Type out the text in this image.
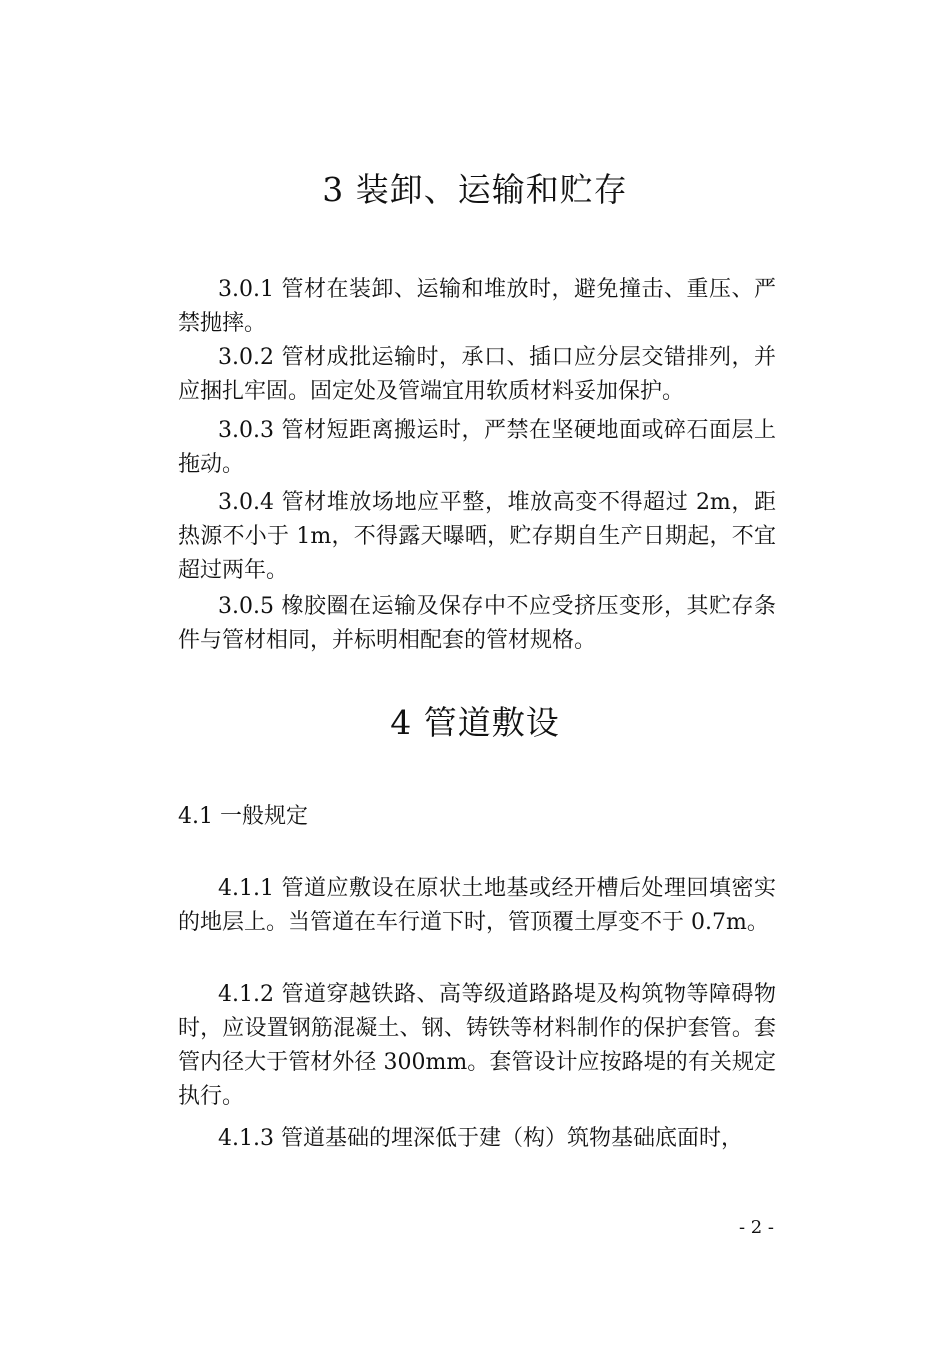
3 装卸、运输和贮存

3.0.1 管材在装卸、运输和堆放时，避免撞击、重压、严禁抛摔。

3.0.2 管材成批运输时，承口、插口应分层交错排列，并应捆扎牢固。固定处及管端宜用软质材料妥加保护。

3.0.3 管材短距离搬运时，严禁在坚硬地面或碎石面层上拖动。

3.0.4 管材堆放场地应平整，堆放高变不得超过 2m，距热源不小于 1m，不得露天曝晒，贮存期自生产日期起，不宜超过两年。

3.0.5 橡胶圈在运输及保存中不应受挤压变形，其贮存条件与管材相同，并标明相配套的管材规格。

4 管道敷设
4.1 一般规定

4.1.1 管道应敷设在原状土地基或经开槽后处理回填密实的地层上。当管道在车行道下时，管顶覆土厚变不于 0.7m。

4.1.2 管道穿越铁路、高等级道路路堤及构筑物等障碍物时，应设置钢筋混凝土、钢、铸铁等材料制作的保护套管。套管内径大于管材外径 300mm。套管设计应按路堤的有关规定执行。

4.1.3 管道基础的埋深低于建（构）筑物基础底面时，

- 2 -
